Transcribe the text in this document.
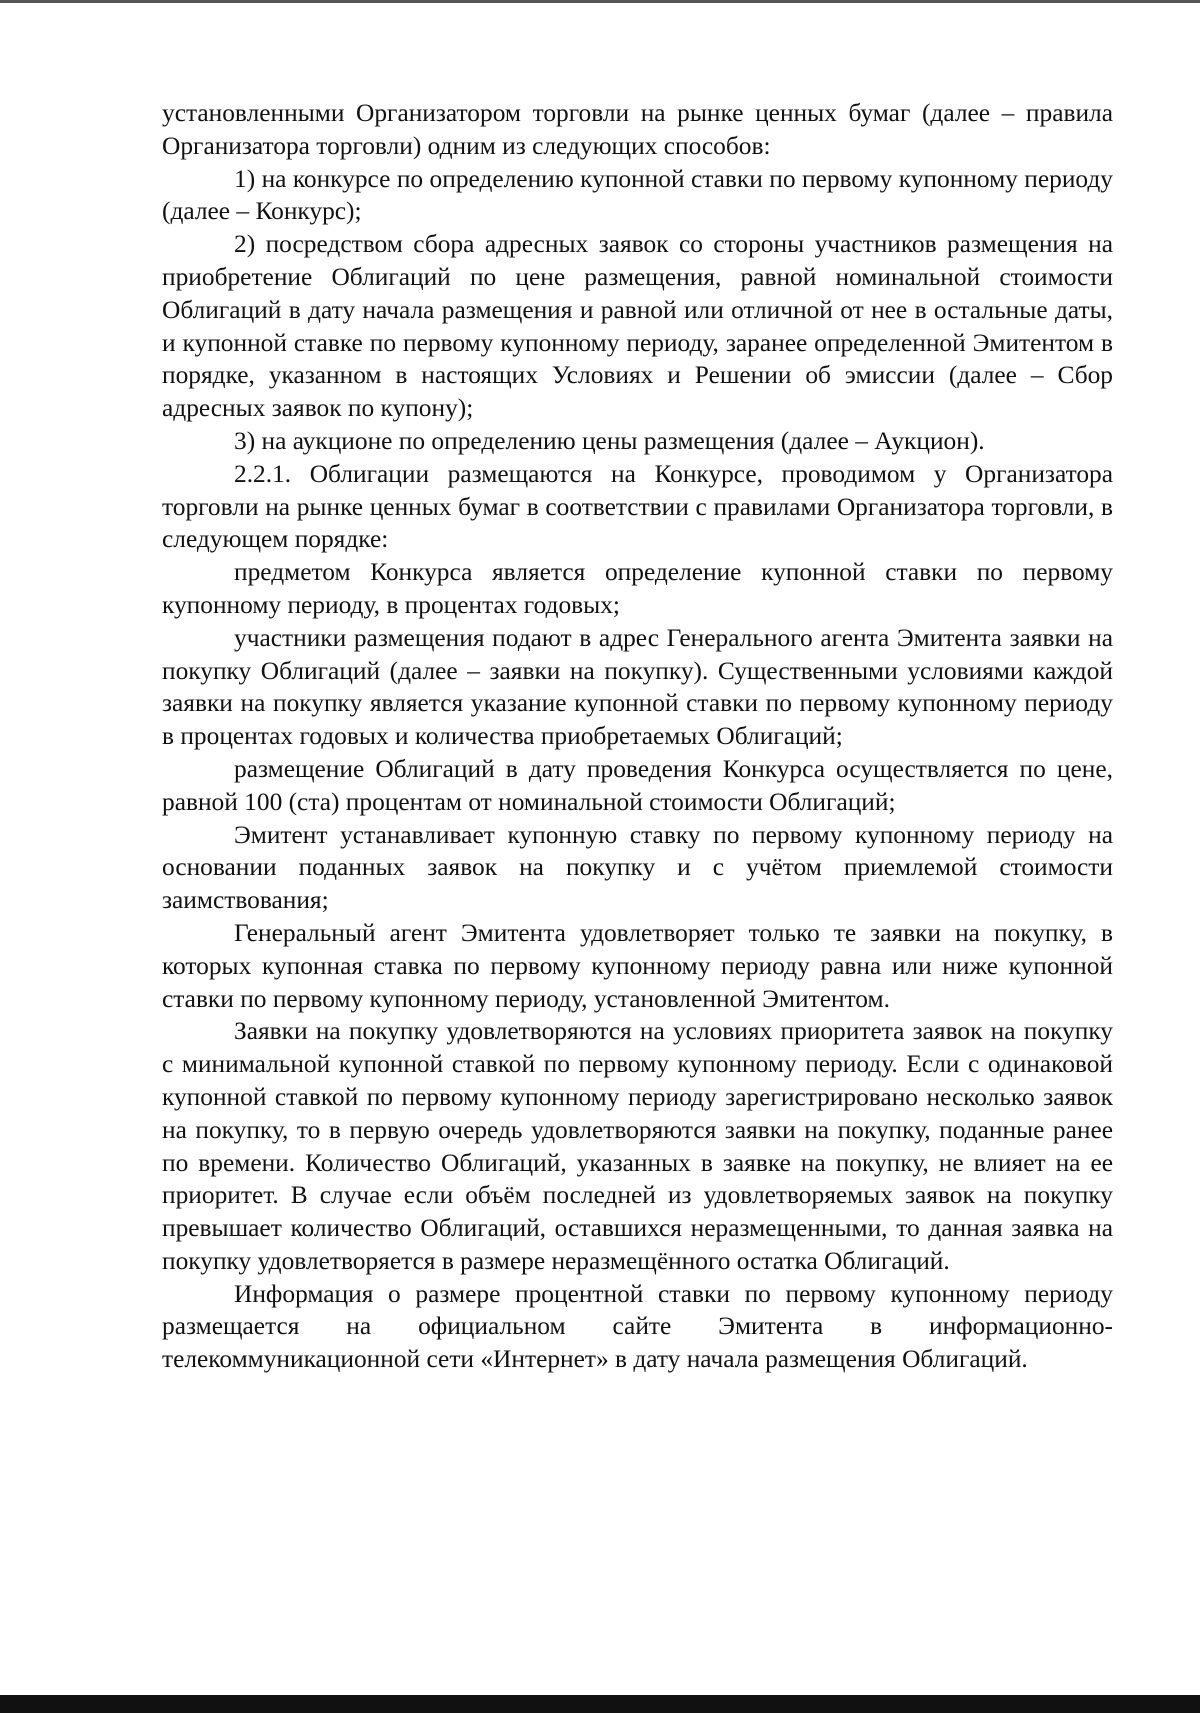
установленными Организатором торговли на рынке ценных бумаг (далее – правила Организатора торговли) одним из следующих способов:

1) на конкурсе по определению купонной ставки по первому купонному периоду (далее – Конкурс);

2) посредством сбора адресных заявок со стороны участников размещения на приобретение Облигаций по цене размещения, равной номинальной стоимости Облигаций в дату начала размещения и равной или отличной от нее в остальные даты, и купонной ставке по первому купонному периоду, заранее определенной Эмитентом в порядке, указанном в настоящих Условиях и Решении об эмиссии (далее – Сбор адресных заявок по купону);

3) на аукционе по определению цены размещения (далее – Аукцион).

2.2.1. Облигации размещаются на Конкурсе, проводимом у Организатора торговли на рынке ценных бумаг в соответствии с правилами Организатора торговли, в следующем порядке:

предметом Конкурса является определение купонной ставки по первому купонному периоду, в процентах годовых;

участники размещения подают в адрес Генерального агента Эмитента заявки на покупку Облигаций (далее – заявки на покупку). Существенными условиями каждой заявки на покупку является указание купонной ставки по первому купонному периоду в процентах годовых и количества приобретаемых Облигаций;

размещение Облигаций в дату проведения Конкурса осуществляется по цене, равной 100 (ста) процентам от номинальной стоимости Облигаций;

Эмитент устанавливает купонную ставку по первому купонному периоду на основании поданных заявок на покупку и с учётом приемлемой стоимости заимствования;

Генеральный агент Эмитента удовлетворяет только те заявки на покупку, в которых купонная ставка по первому купонному периоду равна или ниже купонной ставки по первому купонному периоду, установленной Эмитентом.

Заявки на покупку удовлетворяются на условиях приоритета заявок на покупку с минимальной купонной ставкой по первому купонному периоду. Если с одинаковой купонной ставкой по первому купонному периоду зарегистрировано несколько заявок на покупку, то в первую очередь удовлетворяются заявки на покупку, поданные ранее по времени. Количество Облигаций, указанных в заявке на покупку, не влияет на ее приоритет. В случае если объём последней из удовлетворяемых заявок на покупку превышает количество Облигаций, оставшихся неразмещенными, то данная заявка на покупку удовлетворяется в размере неразмещённого остатка Облигаций.

Информация о размере процентной ставки по первому купонному периоду размещается на официальном сайте Эмитента в информационно-телекоммуникационной сети «Интернет» в дату начала размещения Облигаций.
